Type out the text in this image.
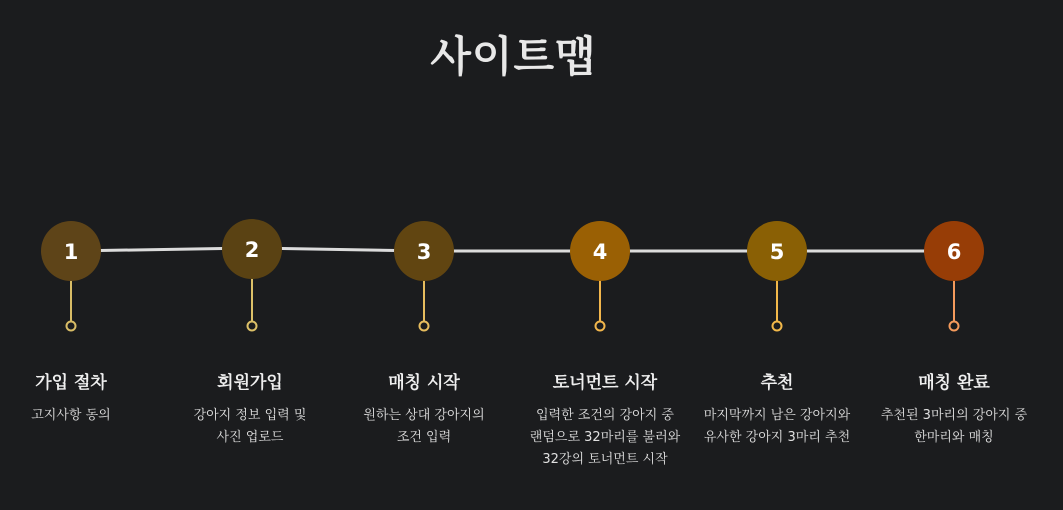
사이트맵
1	2	3	4	5	6
가입 절차
고지사항 동의
회원가입
강아지 정보 입력 및
사진 업로드
매칭 시작
원하는 상대 강아지의
조건 입력
토너먼트 시작
입력한 조건의 강아지 중
랜덤으로 32마리를 불러와
32강의 토너먼트 시작
추천
마지막까지 남은 강아지와
유사한 강아지 3마리 추천
매칭 완료
추천된 3마리의 강아지 중
한마리와 매칭
